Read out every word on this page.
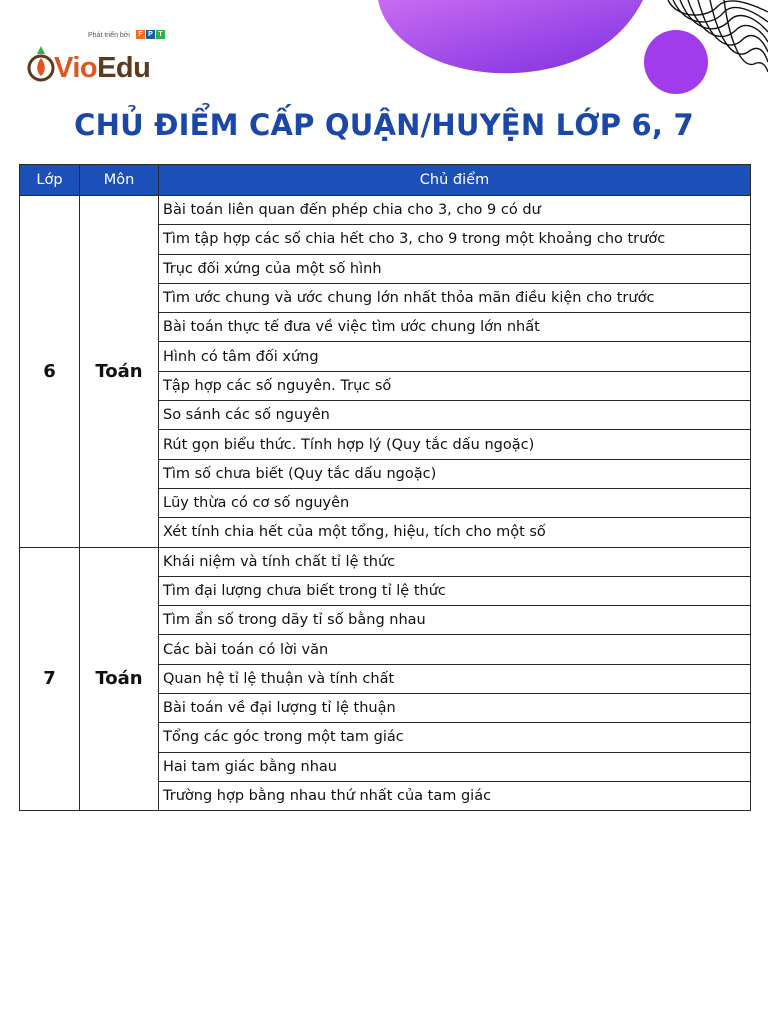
Phát triển bởi	F P T
VioEdu
CHỦ ĐIỂM CẤP QUẬN/HUYỆN LỚP 6, 7
Lớp	Môn	Chủ điểm
6	Toán	Bài toán liên quan đến phép chia cho 3, cho 9 có dư
		Tìm tập hợp các số chia hết cho 3, cho 9 trong một khoảng cho trước
		Trục đối xứng của một số hình
		Tìm ước chung và ước chung lớn nhất thỏa mãn điều kiện cho trước
		Bài toán thực tế đưa về việc tìm ước chung lớn nhất
		Hình có tâm đối xứng
		Tập hợp các số nguyên. Trục số
		So sánh các số nguyên
		Rút gọn biểu thức. Tính hợp lý (Quy tắc dấu ngoặc)
		Tìm số chưa biết (Quy tắc dấu ngoặc)
		Lũy thừa có cơ số nguyên
		Xét tính chia hết của một tổng, hiệu, tích cho một số
7	Toán	Khái niệm và tính chất tỉ lệ thức
		Tìm đại lượng chưa biết trong tỉ lệ thức
		Tìm ẩn số trong dãy tỉ số bằng nhau
		Các bài toán có lời văn
		Quan hệ tỉ lệ thuận và tính chất
		Bài toán về đại lượng tỉ lệ thuận
		Tổng các góc trong một tam giác
		Hai tam giác bằng nhau
		Trường hợp bằng nhau thứ nhất của tam giác
